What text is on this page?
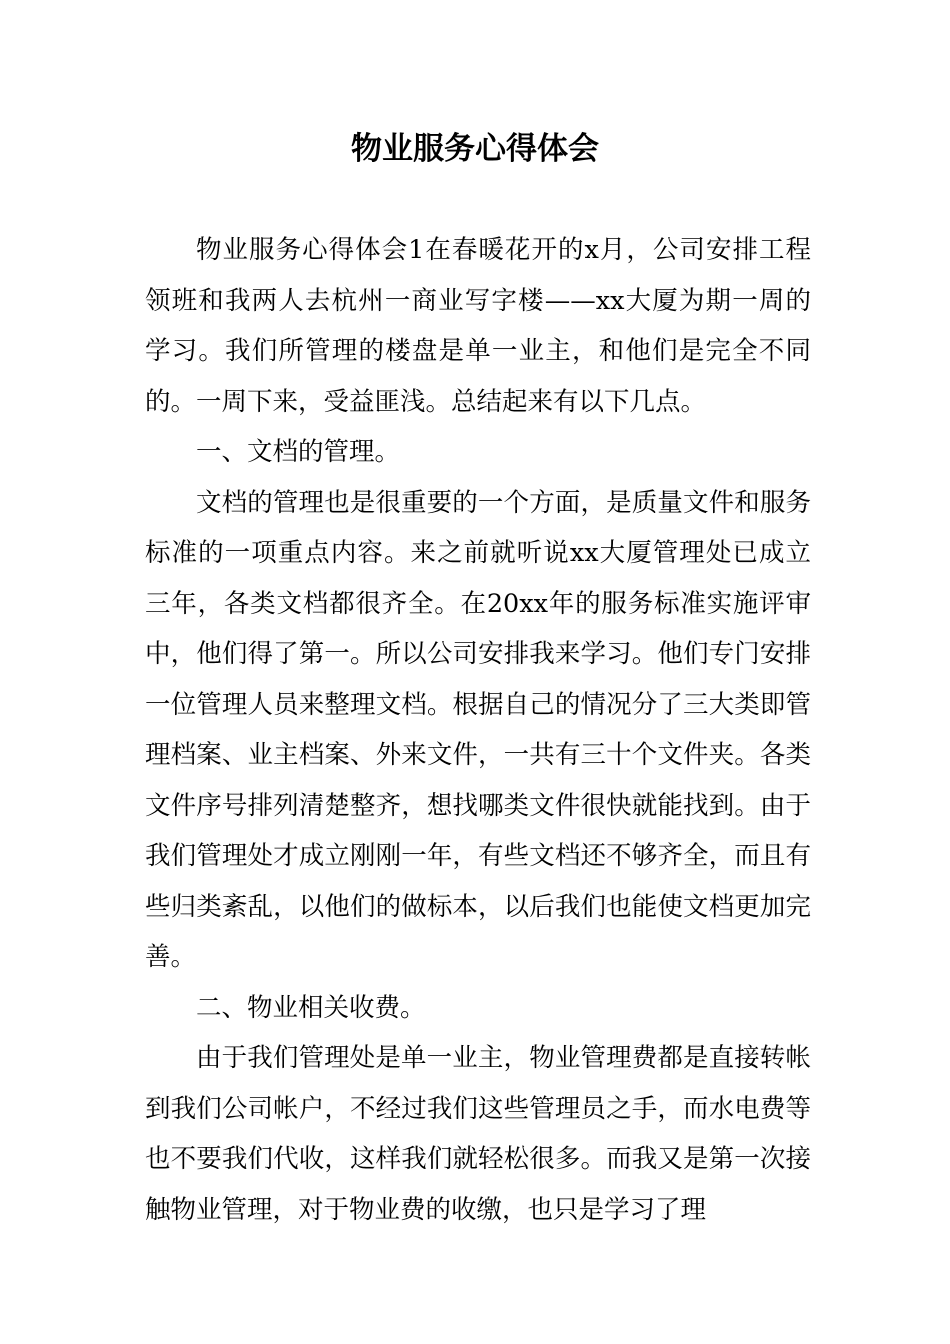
物业服务心得体会

物业服务心得体会1在春暖花开的x月，公司安排工程领班和我两人去杭州一商业写字楼——xx大厦为期一周的学习。我们所管理的楼盘是单一业主，和他们是完全不同的。一周下来，受益匪浅。总结起来有以下几点。

一、文档的管理。

文档的管理也是很重要的一个方面，是质量文件和服务标准的一项重点内容。来之前就听说xx大厦管理处已成立三年，各类文档都很齐全。在20xx年的服务标准实施评审中，他们得了第一。所以公司安排我来学习。他们专门安排一位管理人员来整理文档。根据自己的情况分了三大类即管理档案、业主档案、外来文件，一共有三十个文件夹。各类文件序号排列清楚整齐，想找哪类文件很快就能找到。由于我们管理处才成立刚刚一年，有些文档还不够齐全，而且有些归类紊乱，以他们的做标本，以后我们也能使文档更加完善。

二、物业相关收费。

由于我们管理处是单一业主，物业管理费都是直接转帐到我们公司帐户，不经过我们这些管理员之手，而水电费等也不要我们代收，这样我们就轻松很多。而我又是第一次接触物业管理，对于物业费的收缴，也只是学习了理
